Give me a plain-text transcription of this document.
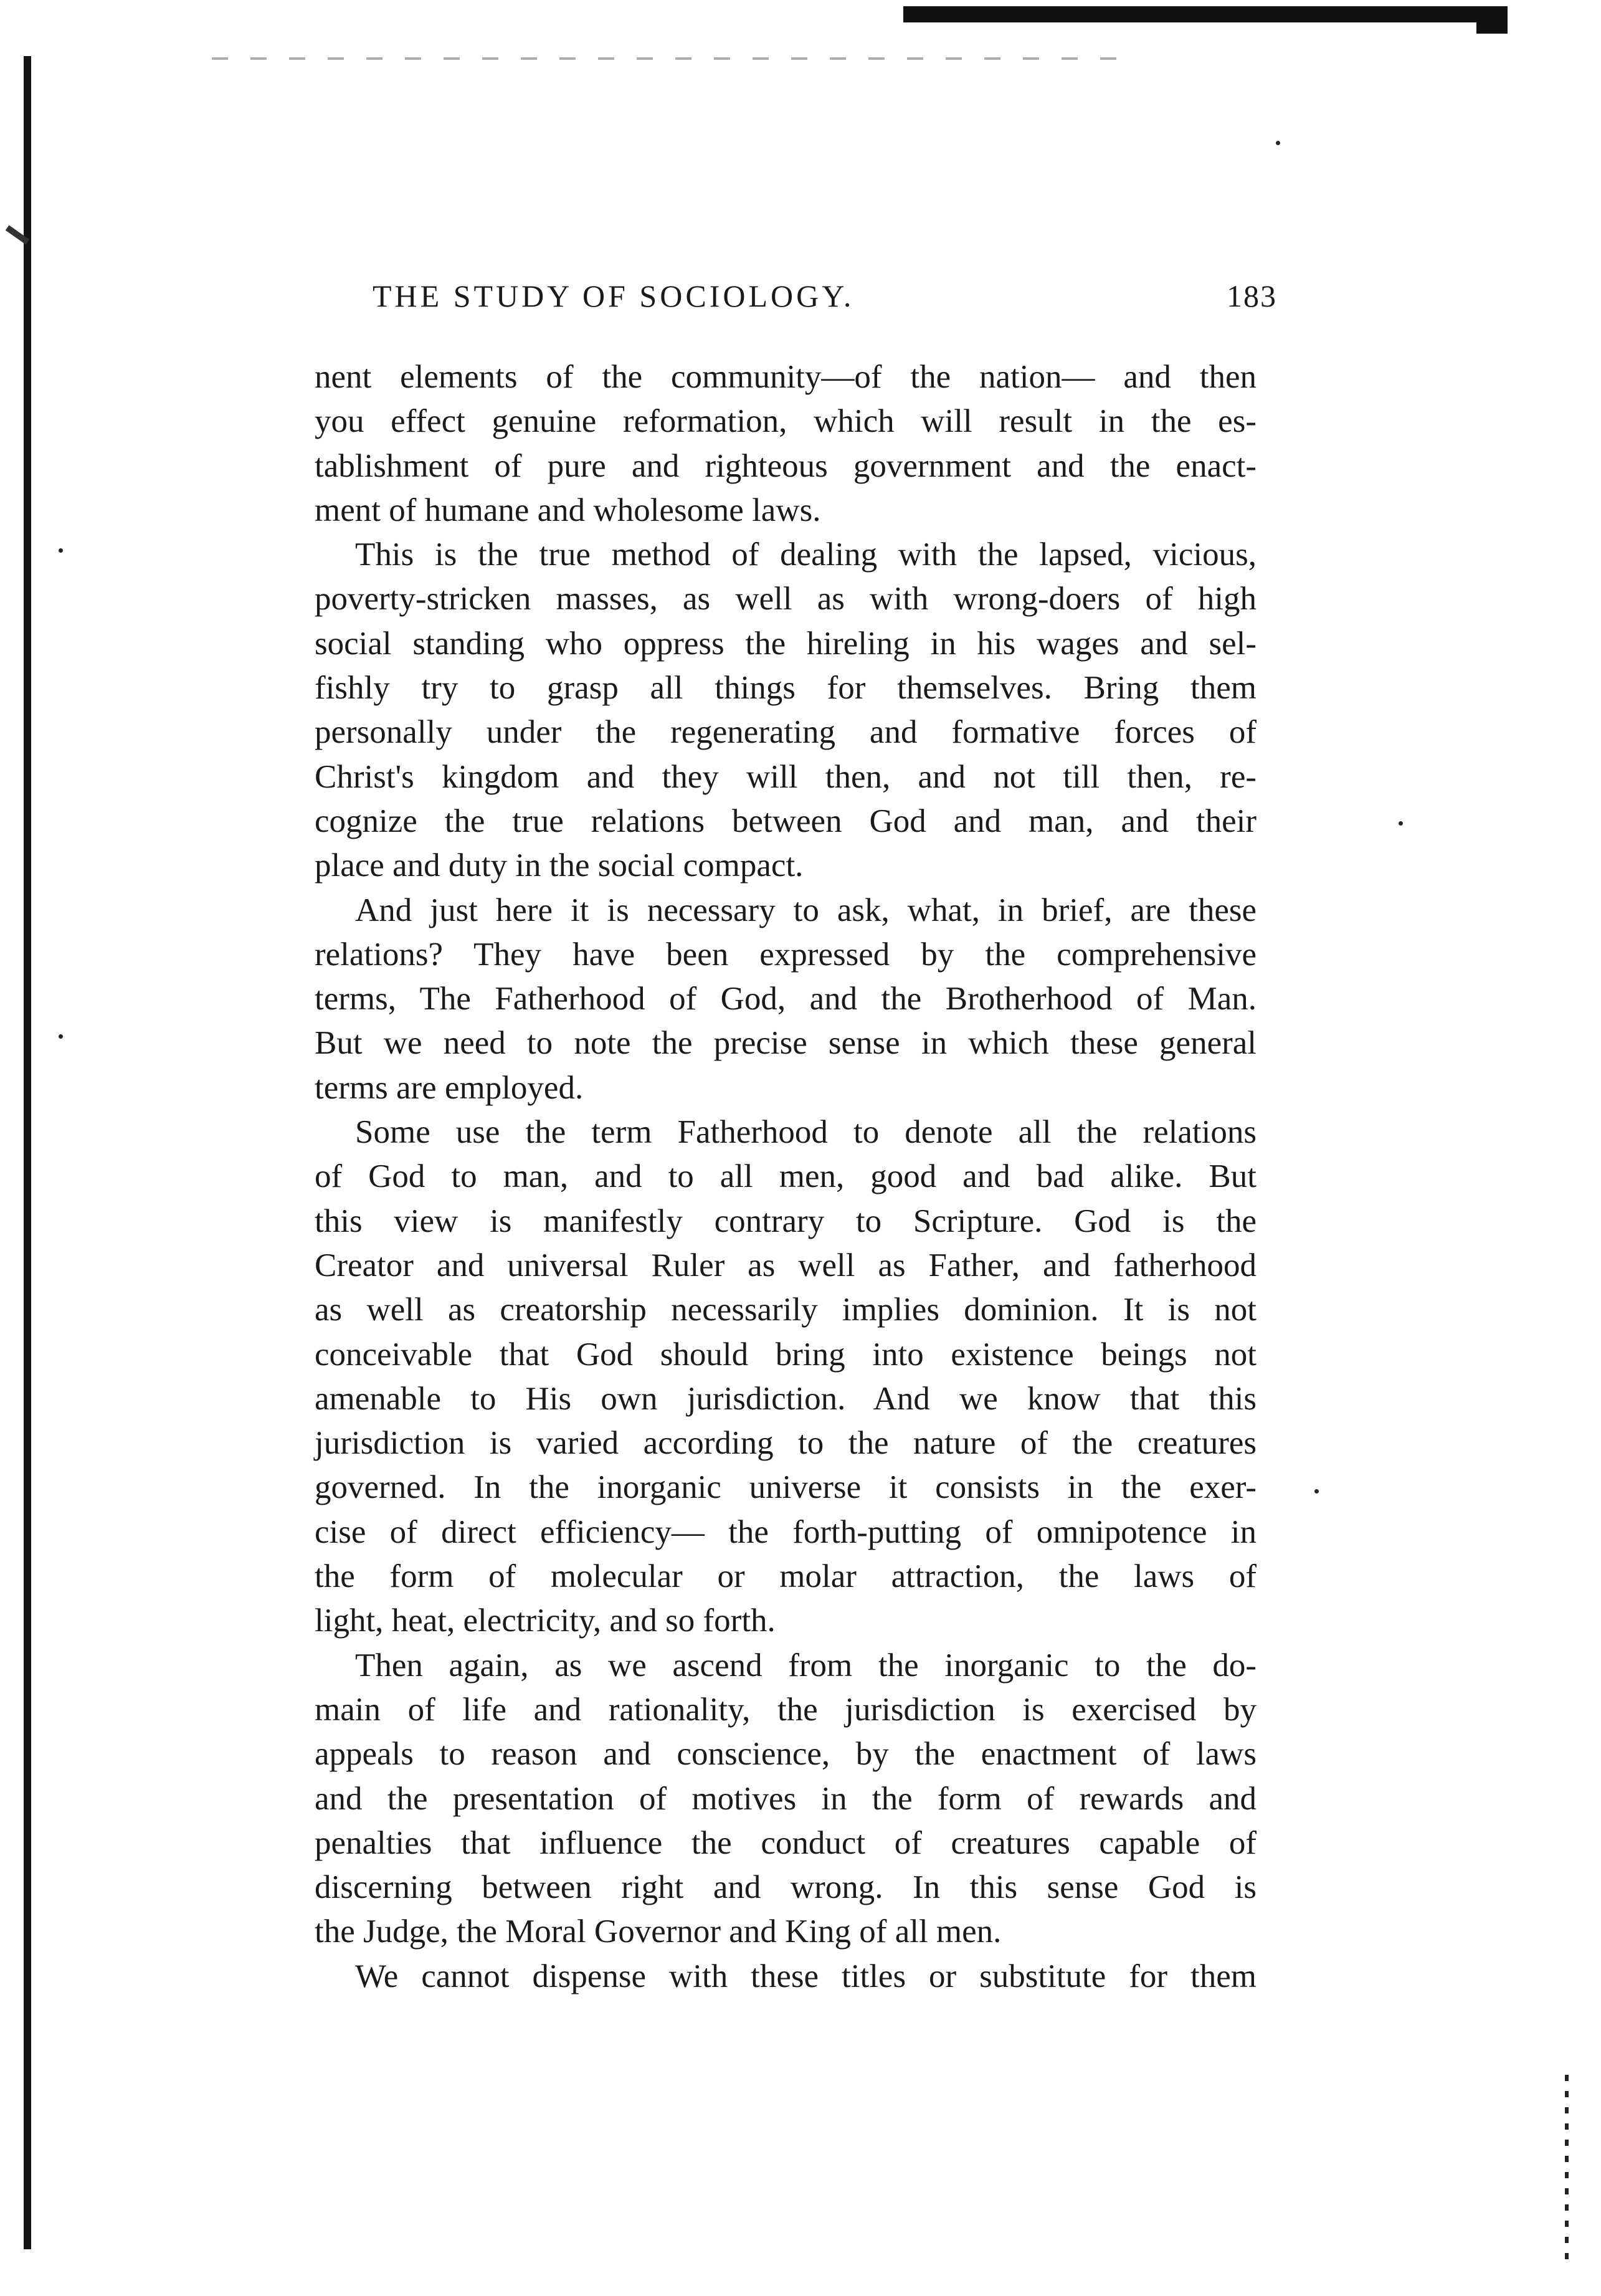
THE STUDY OF SOCIOLOGY.	183
nent elements of the community—of the nation— and then
you effect genuine reformation, which will result in the es-
tablishment of pure and righteous government and the enact-
ment of humane and wholesome laws.
This is the true method of dealing with the lapsed, vicious,
poverty-stricken masses, as well as with wrong-doers of high
social standing who oppress the hireling in his wages and sel-
fishly try to grasp all things for themselves. Bring them
personally under the regenerating and formative forces of
Christ's kingdom and they will then, and not till then, re-
cognize the true relations between God and man, and their
place and duty in the social compact.
And just here it is necessary to ask, what, in brief, are these
relations? They have been expressed by the comprehensive
terms, The Fatherhood of God, and the Brotherhood of Man.
But we need to note the precise sense in which these general
terms are employed.
Some use the term Fatherhood to denote all the relations
of God to man, and to all men, good and bad alike. But
this view is manifestly contrary to Scripture. God is the
Creator and universal Ruler as well as Father, and fatherhood
as well as creatorship necessarily implies dominion. It is not
conceivable that God should bring into existence beings not
amenable to His own jurisdiction. And we know that this
jurisdiction is varied according to the nature of the creatures
governed. In the inorganic universe it consists in the exer-
cise of direct efficiency— the forth-putting of omnipotence in
the form of molecular or molar attraction, the laws of
light, heat, electricity, and so forth.
Then again, as we ascend from the inorganic to the do-
main of life and rationality, the jurisdiction is exercised by
appeals to reason and conscience, by the enactment of laws
and the presentation of motives in the form of rewards and
penalties that influence the conduct of creatures capable of
discerning between right and wrong. In this sense God is
the Judge, the Moral Governor and King of all men.
We cannot dispense with these titles or substitute for them
